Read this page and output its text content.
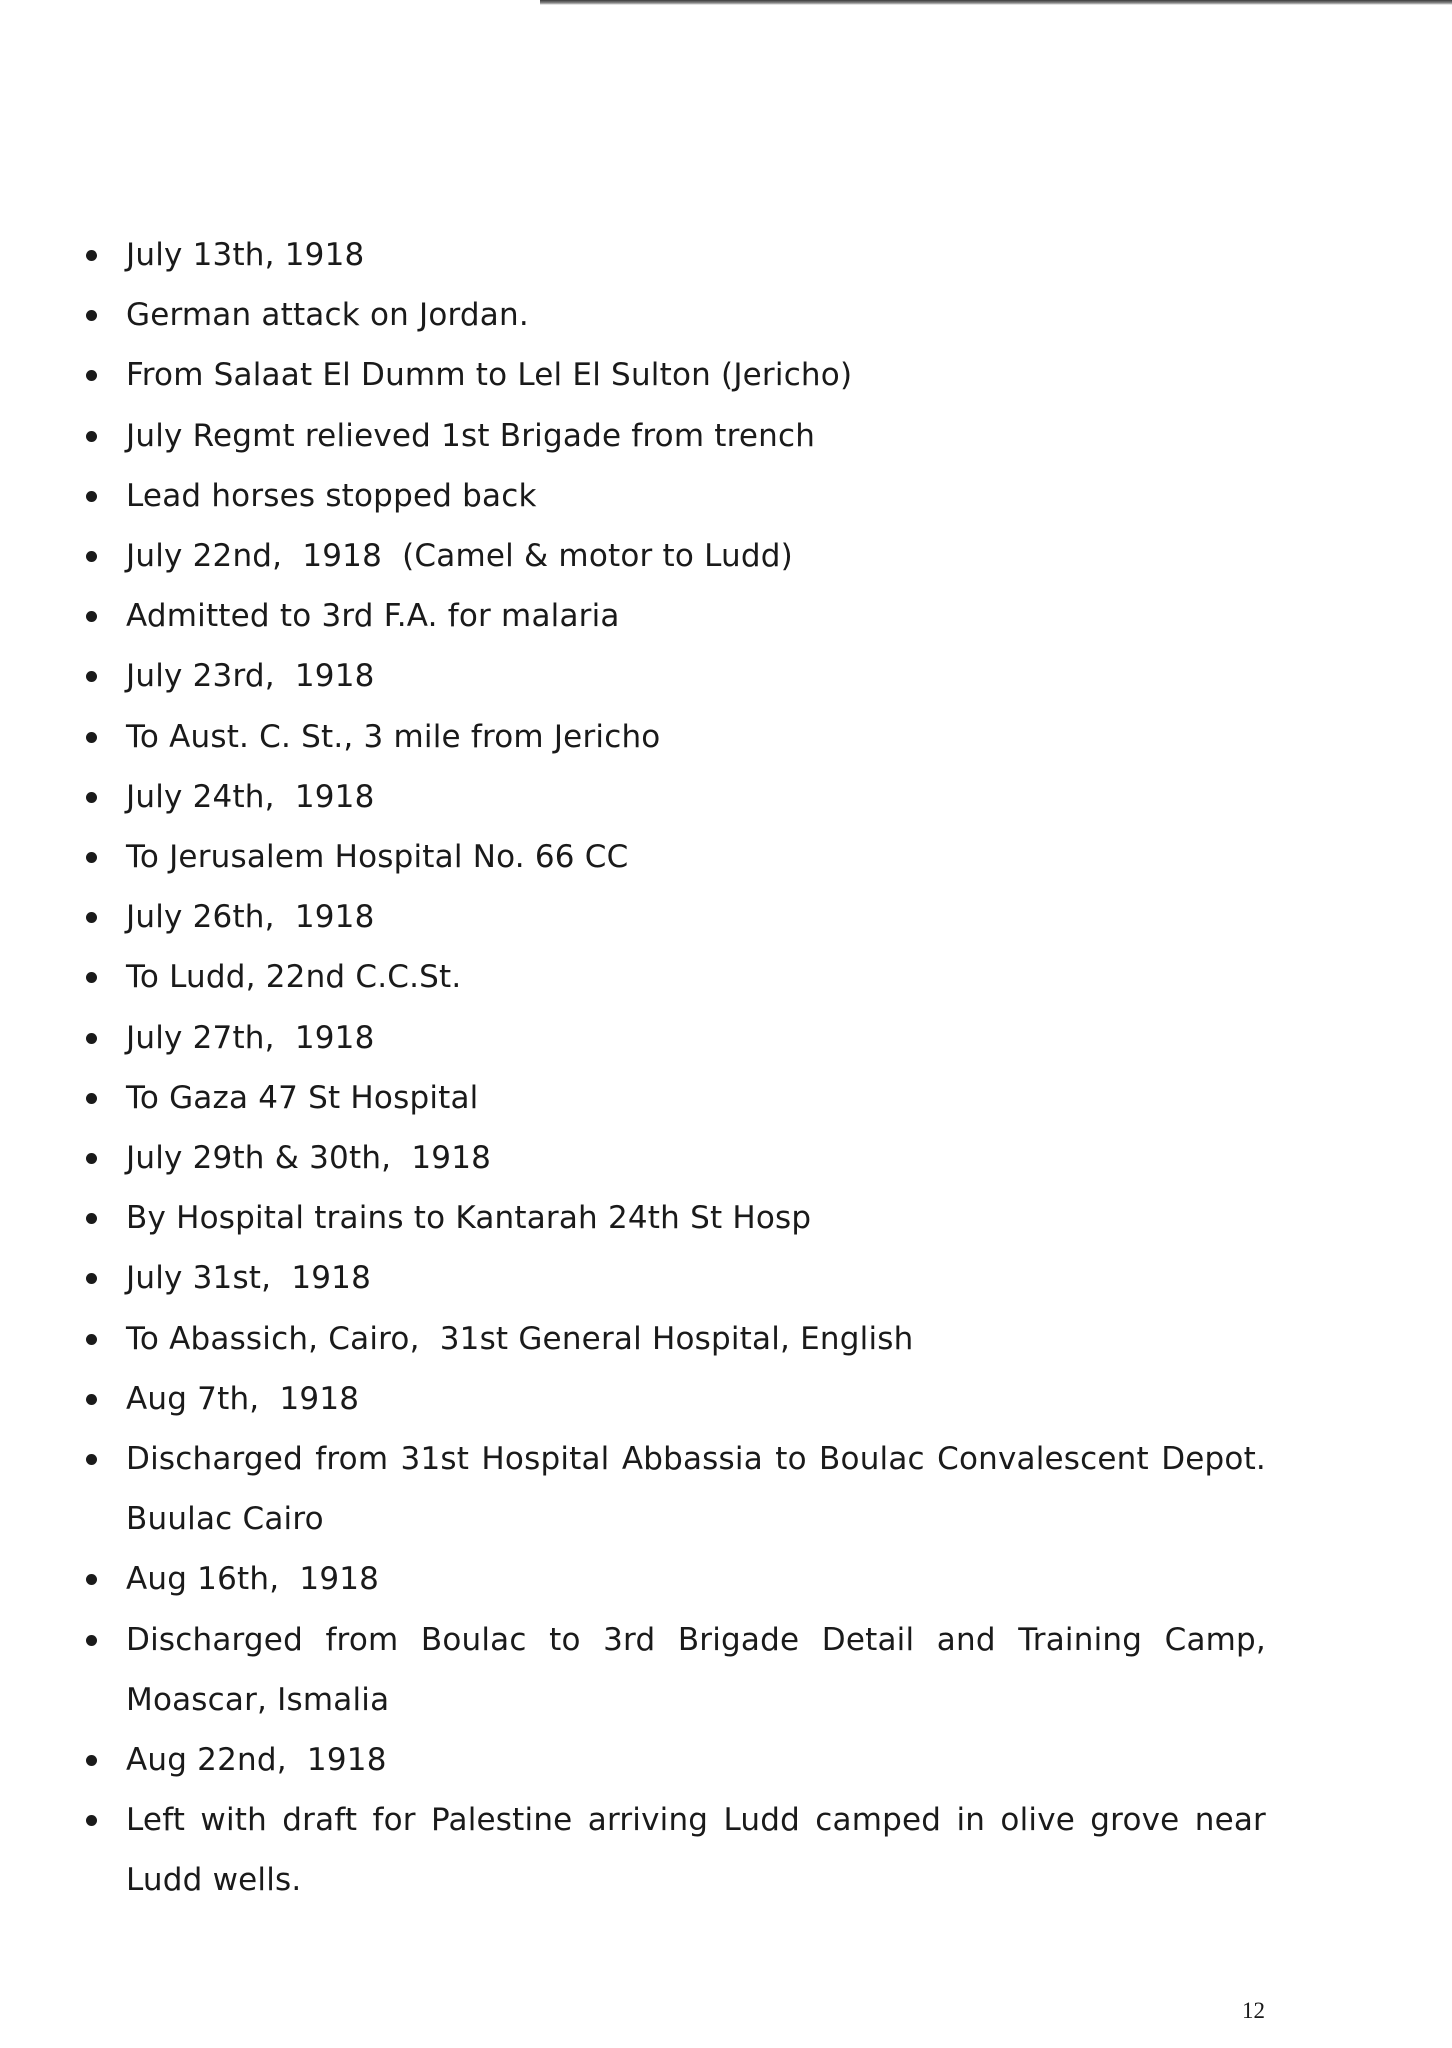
July 13th, 1918
German attack on Jordan.
From Salaat El Dumm to Lel El Sulton (Jericho)
July Regmt relieved 1st Brigade from trench
Lead horses stopped back
July 22nd,  1918  (Camel & motor to Ludd)
Admitted to 3rd F.A. for malaria
July 23rd,  1918
To Aust. C. St., 3 mile from Jericho
July 24th,  1918
To Jerusalem Hospital No. 66 CC
July 26th,  1918
To Ludd, 22nd C.C.St.
July 27th,  1918
To Gaza 47 St Hospital
July 29th & 30th,  1918
By Hospital trains to Kantarah 24th St Hosp
July 31st,  1918
To Abassich, Cairo,  31st General Hospital, English
Aug 7th,  1918
Discharged from 31st Hospital Abbassia to Boulac Convalescent Depot. Buulac Cairo
Aug 16th,  1918
Discharged from Boulac to 3rd Brigade Detail and Training Camp, Moascar, Ismalia
Aug 22nd,  1918
Left with draft for Palestine arriving Ludd camped in olive grove near Ludd wells.
12
